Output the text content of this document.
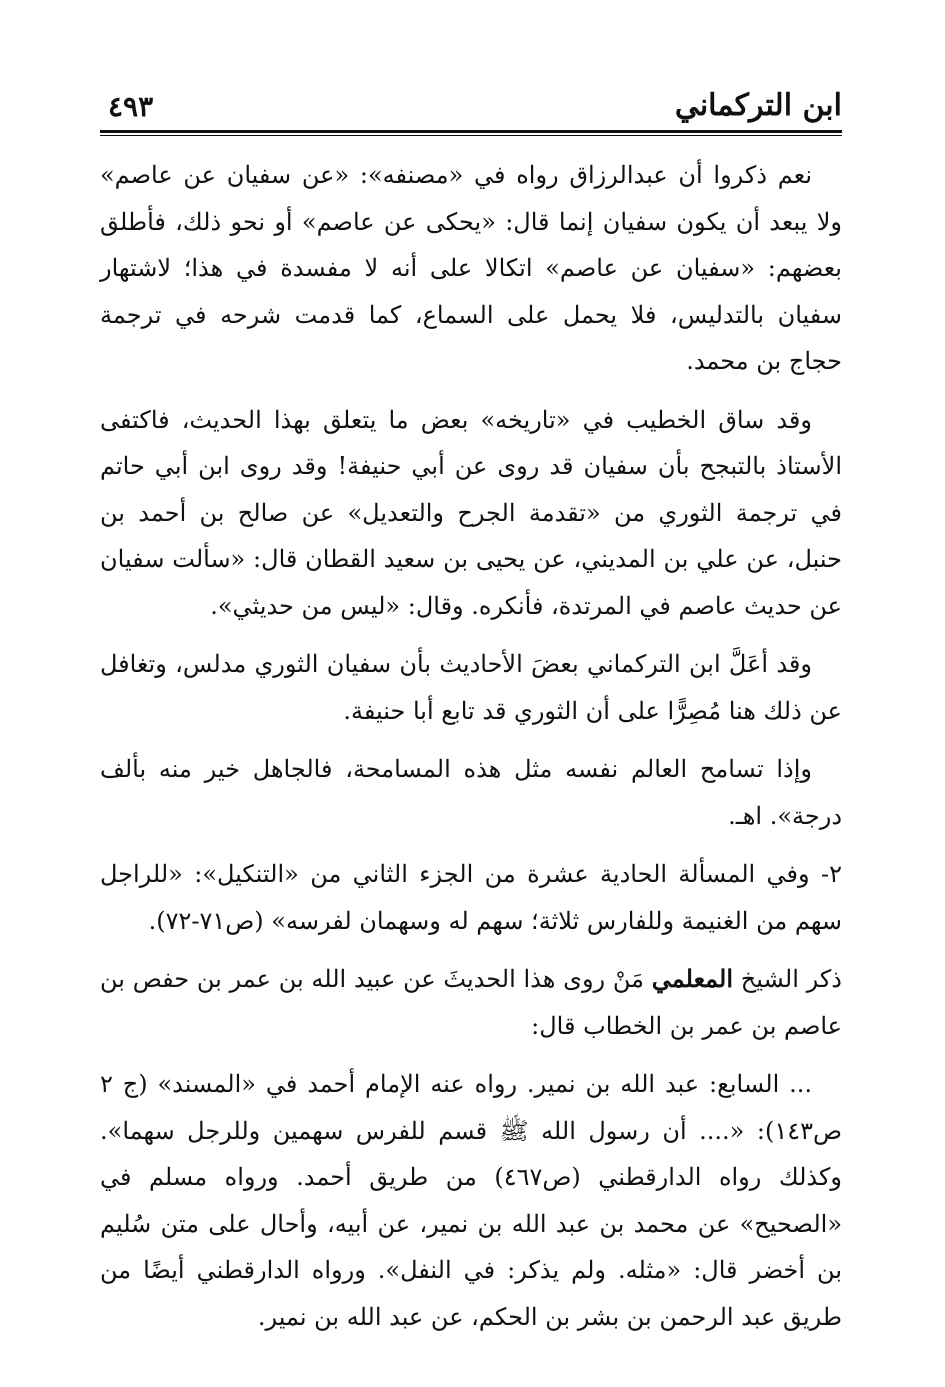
٤٩٣	ابن التركماني

نعم ذكروا أن عبدالرزاق رواه في «مصنفه»: «عن سفيان عن عاصم» ولا يبعد أن يكون سفيان إنما قال: «يحكى عن عاصم» أو نحو ذلك، فأطلق بعضهم: «سفيان عن عاصم» اتكالا على أنه لا مفسدة في هذا؛ لاشتهار سفيان بالتدليس، فلا يحمل على السماع، كما قدمت شرحه في ترجمة حجاج بن محمد.

وقد ساق الخطيب في «تاريخه» بعض ما يتعلق بهذا الحديث، فاكتفى الأستاذ بالتبجح بأن سفيان قد روى عن أبي حنيفة! وقد روى ابن أبي حاتم في ترجمة الثوري من «تقدمة الجرح والتعديل» عن صالح بن أحمد بن حنبل، عن علي بن المديني، عن يحيى بن سعيد القطان قال: «سألت سفيان عن حديث عاصم في المرتدة، فأنكره. وقال: «ليس من حديثي».

وقد أعَلَّ ابن التركماني بعضَ الأحاديث بأن سفيان الثوري مدلس، وتغافل عن ذلك هنا مُصِرًّا على أن الثوري قد تابع أبا حنيفة.

وإذا تسامح العالم نفسه مثل هذه المسامحة، فالجاهل خير منه بألف درجة». اهـ.

٢- وفي المسألة الحادية عشرة من الجزء الثاني من «التنكيل»: «للراجل سهم من الغنيمة وللفارس ثلاثة؛ سهم له وسهمان لفرسه» (ص٧١-٧٢).

ذكر الشيخ المعلمي مَنْ روى هذا الحديثَ عن عبيد الله بن عمر بن حفص بن عاصم بن عمر بن الخطاب قال:

... السابع: عبد الله بن نمير. رواه عنه الإمام أحمد في «المسند» (ج ٢ ص١٤٣): «.... أن رسول الله ﷺ قسم للفرس سهمين وللرجل سهما». وكذلك رواه الدارقطني (ص٤٦٧) من طريق أحمد. ورواه مسلم في «الصحيح» عن محمد بن عبد الله بن نمير، عن أبيه، وأحال على متن سُليم بن أخضر قال: «مثله. ولم يذكر: في النفل». ورواه الدارقطني أيضًا من طريق عبد الرحمن بن بشر بن الحكم، عن عبد الله بن نمير.
